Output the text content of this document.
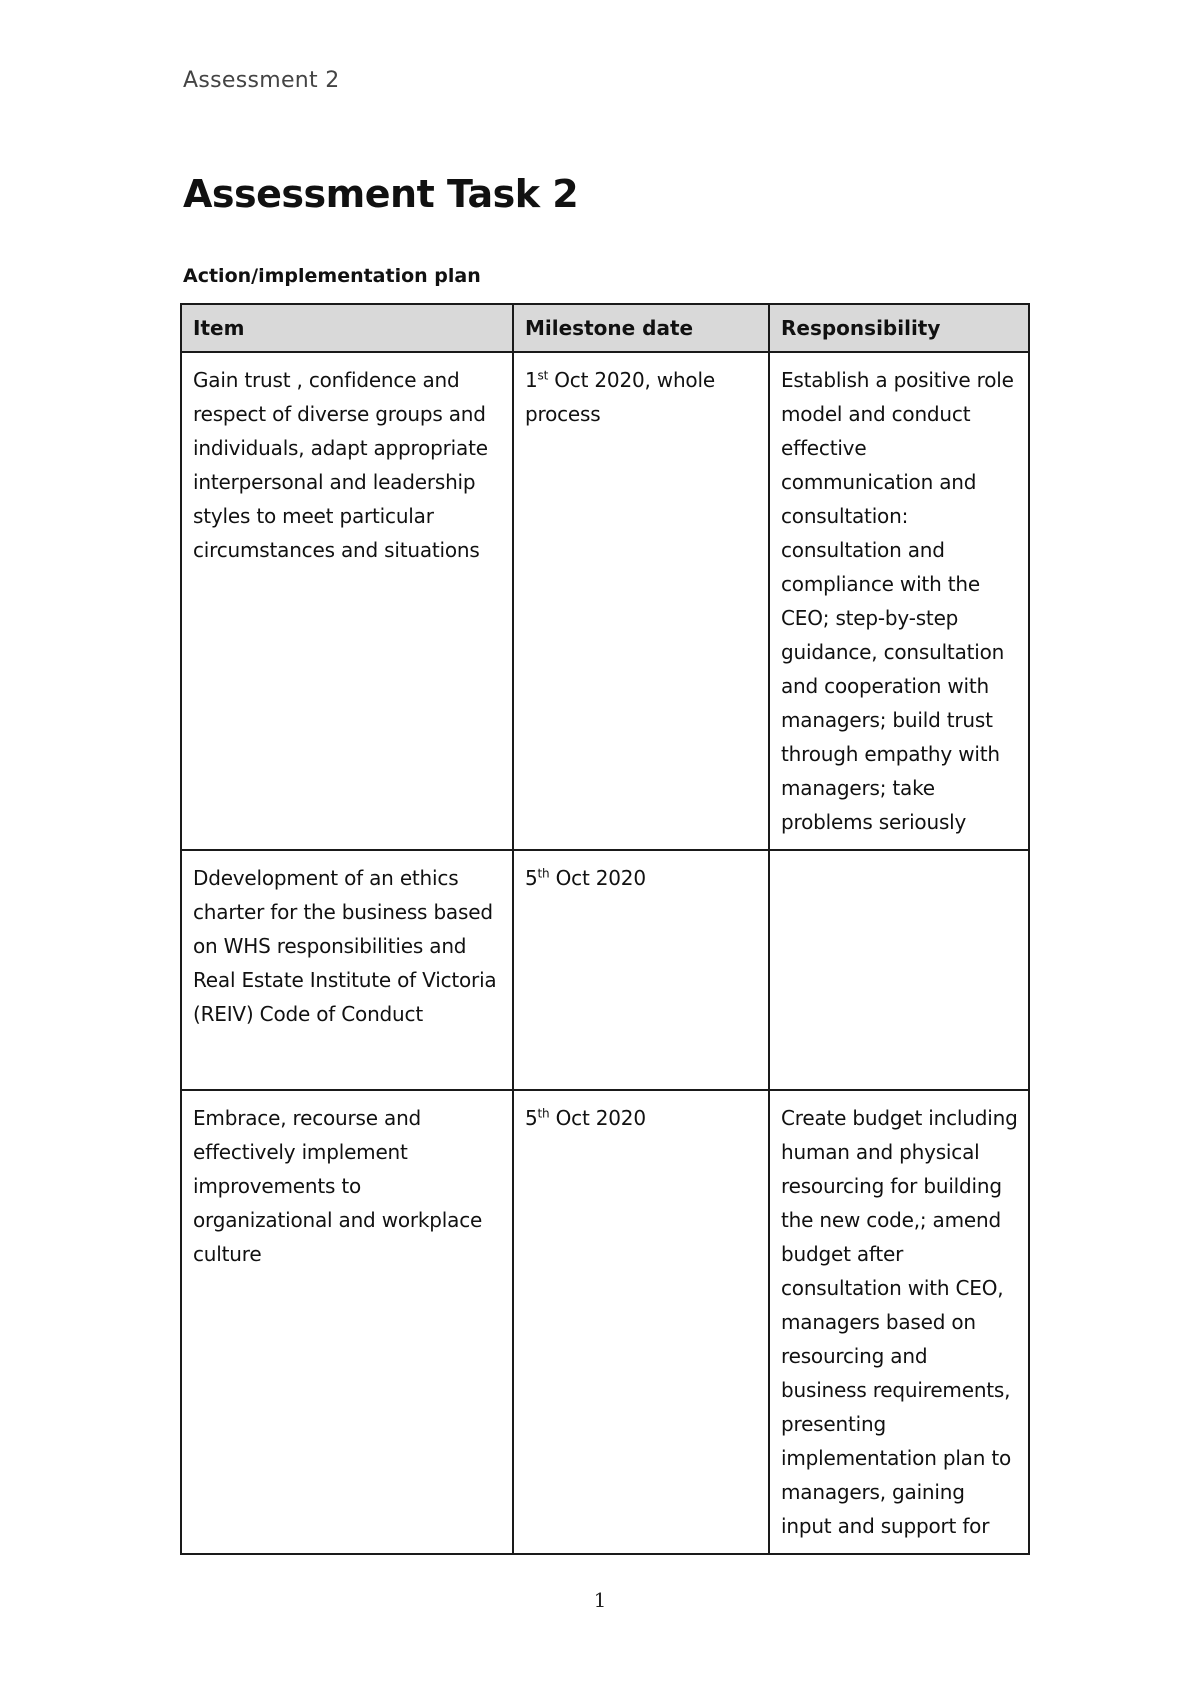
Assessment 2
Assessment Task 2
Action/implementation plan
Item	Milestone date	Responsibility
Gain trust , confidence and respect of diverse groups and individuals, adapt appropriate interpersonal and leadership styles to meet particular circumstances and situations	1st Oct 2020, whole process	Establish a positive role model and conduct effective communication and consultation: consultation and compliance with the CEO; step-by-step guidance, consultation and cooperation with managers; build trust through empathy with managers; take problems seriously
Ddevelopment of an ethics charter for the business based on WHS responsibilities and Real Estate Institute of Victoria (REIV) Code of Conduct	5th Oct 2020	
Embrace, recourse and effectively implement improvements to organizational and workplace culture	5th Oct 2020	Create budget including human and physical resourcing for building the new code,; amend budget after consultation with CEO, managers based on resourcing and business requirements, presenting implementation plan to managers, gaining input and support for
1
